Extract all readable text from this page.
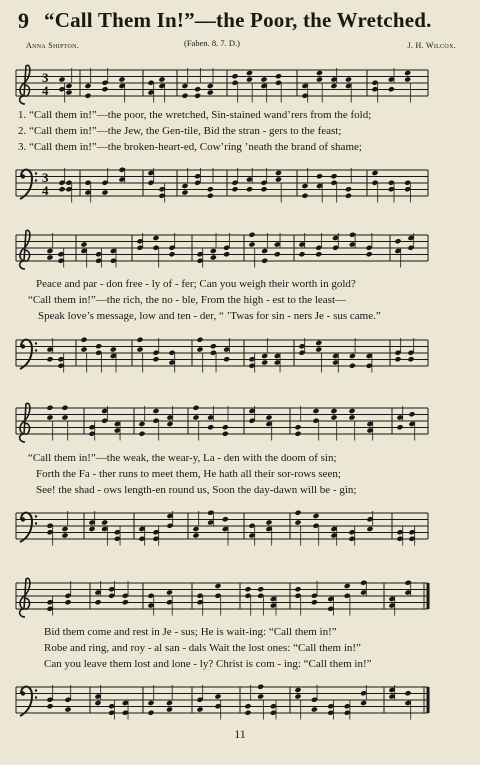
9 “Call Them In!”—the Poor, the Wretched.
Anna Shipton.	(Faben. 8. 7. D.)	J. H. Wilcox.
3
4
1. “Call them in!”—the poor, the wretched, Sin-stained wand’rers from the fold;
2. “Call them in!”—the Jew, the Gen-tile, Bid the stran - gers to the feast;
3. “Call them in!”—the broken-heart-ed, Cow’ring ’neath the brand of shame;
3
4
Peace and par - don free - ly of - fer; Can you weigh their worth in gold?
“Call them in!”—the rich, the no - ble, From the high - est to the least—
Speak love’s message, low and ten - der, “ ’Twas for sin - ners Je - sus came.”
“Call them in!”—the weak, the wear-y, La - den with the doom of sin;
Forth the Fa - ther runs to meet them, He hath all their sor-rows seen;
See! the shad - ows length-en round us, Soon the day-dawn will be - gin;
Bid them come and rest in Je - sus; He is wait-ing: “Call them in!”
Robe and ring, and roy - al san - dals Wait the lost ones: “Call them in!”
Can you leave them lost and lone - ly? Christ is com - ing: “Call them in!”
11
